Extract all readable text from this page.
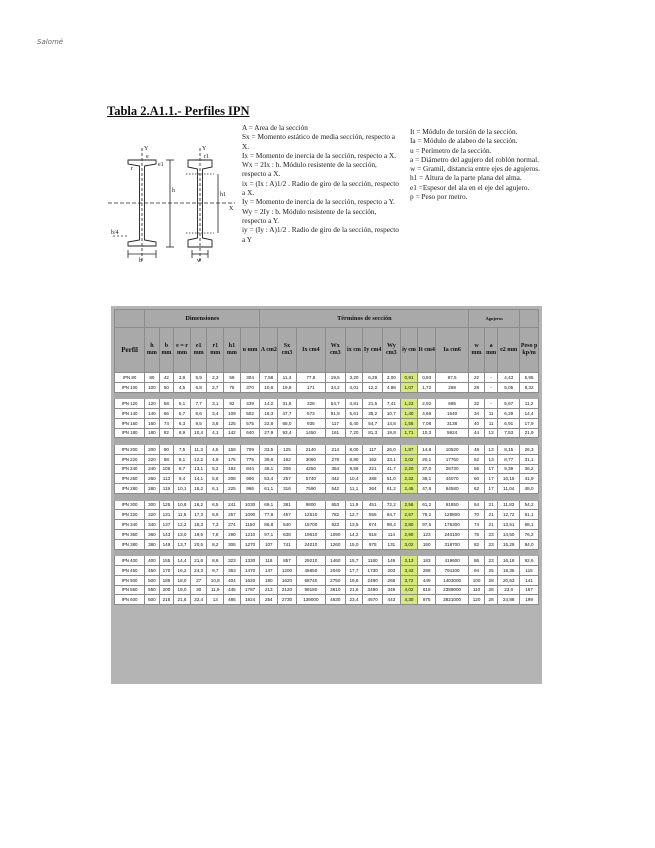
Salomé
Tabla 2.A1.1.- Perfiles IPN
Y	Y
X
h
b
b/4
w
e
e1
r
r1
h1
A = Area de la sección
Sx = Momento estático de media sección, respecto a X.
Ix = Momento de inercia de la sección, respecto a X.
Wx = 2Ix : h. Módulo resistente de la sección, respecto a X.
ix = (Ix : A)1/2 . Radio de giro de la sección, respecto a X.
Iy = Momento de inercia de la sección, respecto a Y.
Wy = 2Iy : b. Módulo resistente de la sección, respecto a Y.
iy = (Iy : A)1/2 . Radio de giro de la sección, respecto a Y
It = Módulo de torsión de la sección.
Ia = Módulo de alabeo de la sección.
u = Perímetro de la sección.
a = Diámetro del agujero del roblón normal.
w = Gramil, distancia entre ejes de agujeros.
h1 = Altura de la parte plana del alma.
e1 =Espesor del ala en el eje del agujero.
p = Peso por metro.
	Dimensiones							Términos de sección										Agujeros			
Perfil	h mm	b mm	e = r mm	e1 mm	r1 mm	h1 mm	u mm	A cm2	Sx cm3	Ix cm4	Wx cm3	ix cm	Iy cm4	Wy cm3	iy cm	It cm4	Ia cm6	w mm	a mm	e2 mm	Peso p kp/m
IPN 80	80	42	3,9	5,9	2,3	59	304	7,58	11,4	77,8	19,5	3,20	6,29	3,00	0,91	0,93	87,5	22	-	4,43	5,95
IPN 100	100	50	4,5	6,8	2,7	75	370	10,6	19,9	171	34,2	4,01	12,2	4,88	1,07	1,72	268	28	-	5,05	8,32

IPN 120	120	58	5,1	7,7	3,1	92	439	14,2	31,8	328	54,7	4,81	21,5	7,41	1,23	2,92	685	32	-	5,67	11,2
IPN 140	140	66	5,7	8,6	3,4	109	502	18,3	47,7	573	81,9	5,61	35,2	10,7	1,40	4,66	1540	34	11	6,29	14,4
IPN 160	160	74	6,3	9,5	3,8	125	575	22,8	68,0	935	117	6,40	54,7	14,8	1,55	7,08	3138	40	11	6,91	17,9
IPN 180	180	82	6,9	10,4	4,1	142	640	27,9	93,4	1450	161	7,20	81,3	19,8	1,71	10,3	5924	44	13	7,53	21,9

IPN 200	200	90	7,5	11,3	4,5	159	709	33,5	125	2140	214	8,00	117	26,0	1,87	14,8	10520	48	13	8,15	26,3
IPN 220	220	98	8,1	12,2	4,9	175	775	39,6	162	3060	278	8,80	162	33,1	2,02	20,1	17760	52	13	8,77	31,1
IPN 240	240	106	8,7	13,1	5,2	192	844	46,1	206	4250	354	9,59	221	41,7	2,20	27,0	28730	56	17	9,39	36,2
IPN 260	260	113	9,4	14,1	5,6	208	906	53,4	257	5740	442	10,4	288	51,0	2,32	36,1	44070	60	17	10,15	41,9
IPN 280	280	119	10,1	15,2	6,1	225	966	61,1	316	7590	542	11,1	364	61,2	2,45	47,8	64580	62	17	11,04	48,0

IPN 300	300	125	10,8	16,2	6,5	241	1030	69,1	381	9800	653	11,9	451	72,2	2,56	61,2	91850	64	21	11,83	54,2
IPN 320	320	131	11,5	17,3	6,9	257	1090	77,8	457	12510	782	12,7	555	84,7	2,67	78,2	128800	70	21	12,72	61,1
IPN 340	340	137	12,2	18,3	7,3	274	1150	86,8	540	15700	923	13,5	674	98,4	2,80	97,5	176300	74	21	13,51	68,1
IPN 360	360	143	13,0	19,5	7,8	290	1210	97,1	638	19610	1090	14,2	818	114	2,90	123	240100	76	23	14,50	76,2
IPN 380	380	149	13,7	20,5	8,2	306	1270	107	741	24010	1260	15,0	975	131	3,02	150	318700	82	23	15,29	84,0

IPN 400	400	155	14,4	21,6	8,6	323	1330	118	857	29210	1460	15,7	1160	149	3,13	183	419600	86	23	16,18	92,6
IPN 450	450	170	16,2	24,3	9,7	363	1470	147	1200	45850	2040	17,7	1730	203	3,43	288	791100	94	25	18,35	115
IPN 500	500	185	18,0	27	10,8	404	1620	180	1620	68740	2750	19,6	2480	268	3,72	449	1403000	100	28	20,53	141
IPN 550	550	200	19,0	30	11,9	445	1787	213	2120	99180	3610	21,6	3490	349	4,02	618	2389000	110	28	23,0	167
IPN 600	600	215	21,6	32,4	13	485	1924	254	2730	139000	4630	23,4	4670	443	4,30	875	3821000	120	28	24,88	199
